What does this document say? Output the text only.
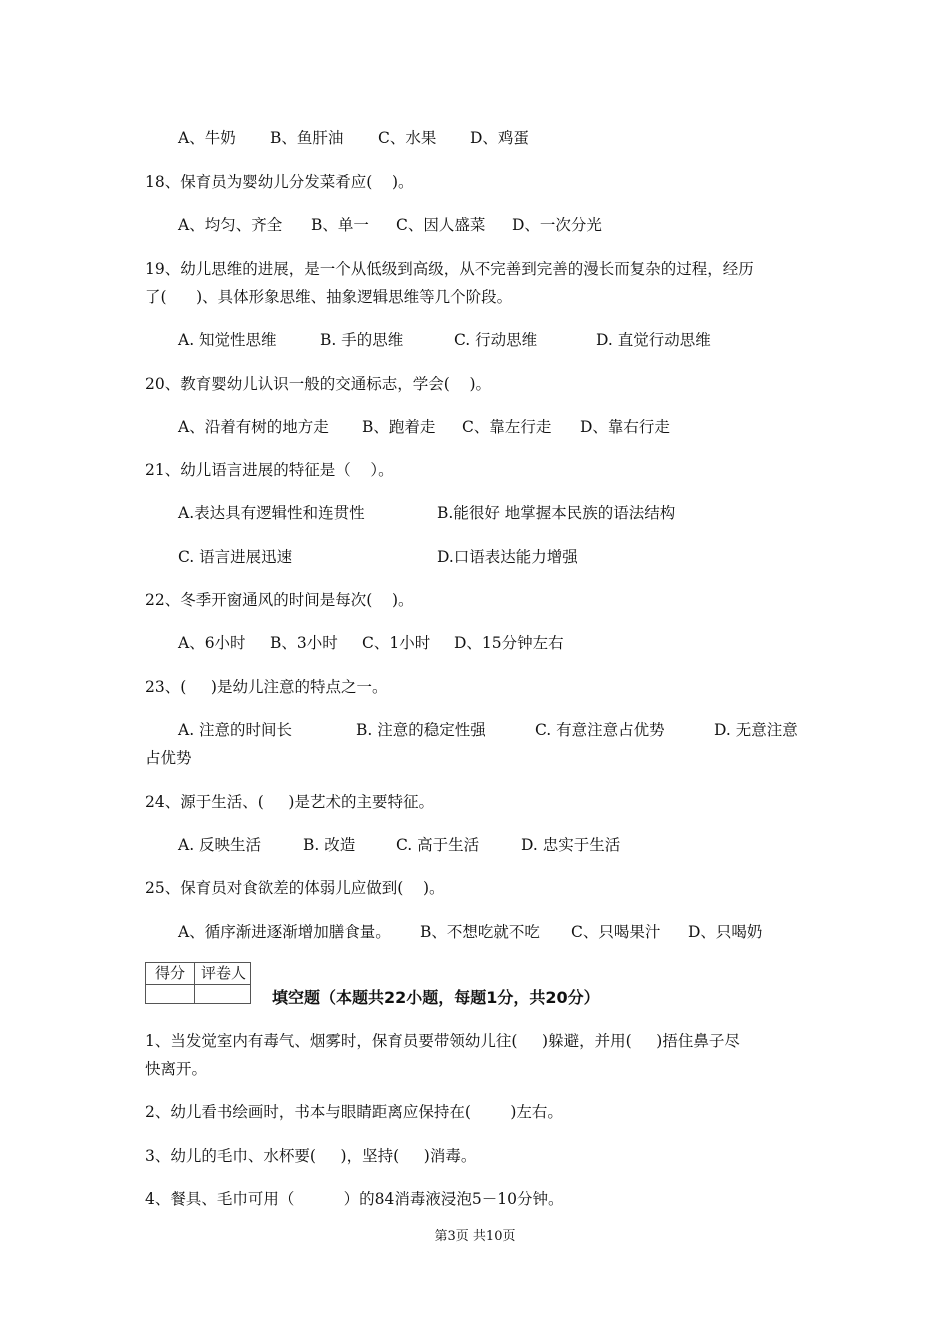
A、牛奶 B、鱼肝油 C、水果 D、鸡蛋
18、保育员为婴幼儿分发菜肴应(    )。
A、均匀、齐全 B、单一 C、因人盛菜 D、一次分光
19、幼儿思维的进展，是一个从低级到高级，从不完善到完善的漫长而复杂的过程，经历
了(      )、具体形象思维、抽象逻辑思维等几个阶段。
A. 知觉性思维	B. 手的思维	C. 行动思维	D. 直觉行动思维
20、教育婴幼儿认识一般的交通标志，学会(    )。
A、沿着有树的地方走 B、跑着走 C、靠左行走 D、靠右行走
21、幼儿语言进展的特征是（    ）。
A.表达具有逻辑性和连贯性	B.能很好 地掌握本民族的语法结构
C. 语言进展迅速	D.口语表达能力增强
22、冬季开窗通风的时间是每次(    )。
A、6小时 B、3小时 C、1小时 D、15分钟左右
23、(     )是幼儿注意的特点之一。
A. 注意的时间长	B. 注意的稳定性强	C. 有意注意占优势	D. 无意注意
占优势
24、源于生活、(     )是艺术的主要特征。
A. 反映生活	B. 改造	C. 高于生活	D. 忠实于生活
25、保育员对食欲差的体弱儿应做到(    )。
A、循序渐进逐渐增加膳食量。 B、不想吃就不吃 C、只喝果汁 D、只喝奶
得分	评卷人
填空题（本题共22小题，每题1分，共20分）
1、当发觉室内有毒气、烟雾时，保育员要带领幼儿往(     )躲避，并用(     )捂住鼻子尽
快离开。
2、幼儿看书绘画时，书本与眼睛距离应保持在(        )左右。
3、幼儿的毛巾、水杯要(     )，坚持(     )消毒。
4、餐具、毛巾可用（          ）的84消毒液浸泡5－10分钟。
第3页 共10页
